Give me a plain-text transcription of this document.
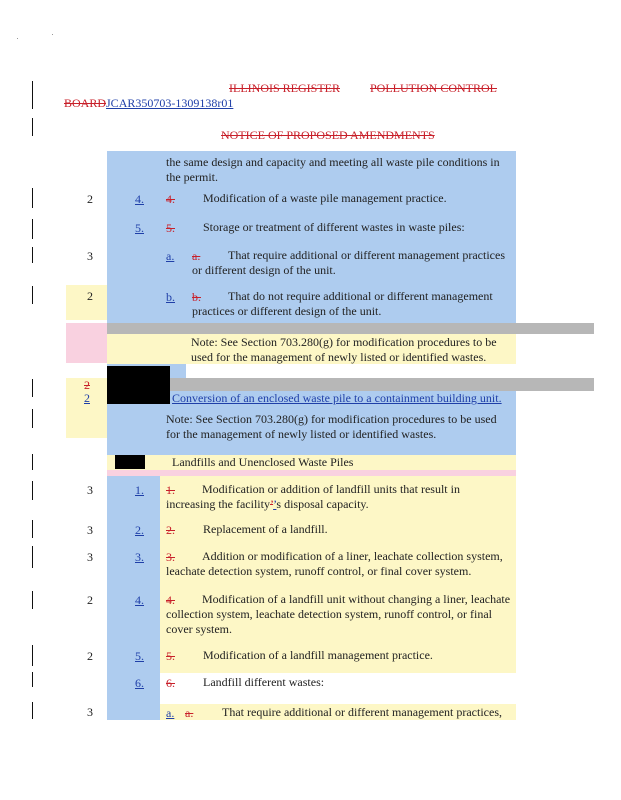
ILLINOIS REGISTER	POLLUTION CONTROL
BOARDJCAR350703-1309138r01
NOTICE OF PROPOSED AMENDMENTS
the same design and capacity and meeting all waste pile conditions in the permit.
2	4. 4. Modification of a waste pile management practice.
5. 5. Storage or treatment of different wastes in waste piles:
3	a. a.	That require additional or different management practices or different design of the unit.
2	b. b.	That do not require additional or different management practices or different design of the unit.
Note: See Section 703.280(g) for modification procedures to be used for the management of newly listed or identified wastes.
2
2	Conversion of an enclosed waste pile to a containment building unit.
Note: See Section 703.280(g) for modification procedures to be used for the management of newly listed or identified wastes.
Landfills and Unenclosed Waste Piles
3	1. 1.	Modification or addition of landfill units that result in increasing the facility’’s disposal capacity.
3	2. 2. Replacement of a landfill.
3	3. 3.	Addition or modification of a liner, leachate collection system, leachate detection system, runoff control, or final cover system.
2	4. 4.	Modification of a landfill unit without changing a liner, leachate collection system, leachate detection system, runoff control, or final cover system.
2	5. 5. Modification of a landfill management practice.
6. 6. Landfill different wastes:
3	a. a. That require additional or different management practices,
